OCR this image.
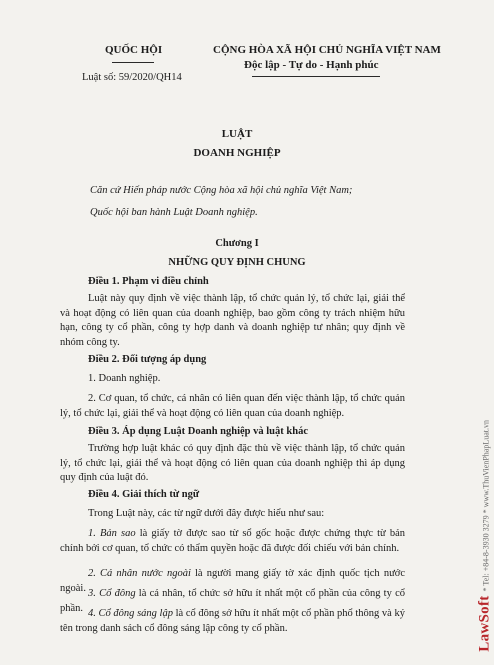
QUỐC HỘI
Luật số: 59/2020/QH14
CỘNG HÒA XÃ HỘI CHỦ NGHĨA VIỆT NAM
Độc lập - Tự do - Hạnh phúc
LUẬT
DOANH NGHIỆP
Căn cứ Hiến pháp nước Cộng hòa xã hội chủ nghĩa Việt Nam;
Quốc hội ban hành Luật Doanh nghiệp.
Chương I
NHỮNG QUY ĐỊNH CHUNG
Điều 1. Phạm vi điều chỉnh
Luật này quy định về việc thành lập, tổ chức quản lý, tổ chức lại, giải thể và hoạt động có liên quan của doanh nghiệp, bao gồm công ty trách nhiệm hữu hạn, công ty cổ phần, công ty hợp danh và doanh nghiệp tư nhân; quy định về nhóm công ty.
Điều 2. Đối tượng áp dụng
1. Doanh nghiệp.
2. Cơ quan, tổ chức, cá nhân có liên quan đến việc thành lập, tổ chức quản lý, tổ chức lại, giải thể và hoạt động có liên quan của doanh nghiệp.
Điều 3. Áp dụng Luật Doanh nghiệp và luật khác
Trường hợp luật khác có quy định đặc thù về việc thành lập, tổ chức quản lý, tổ chức lại, giải thể và hoạt động có liên quan của doanh nghiệp thì áp dụng quy định của luật đó.
Điều 4. Giải thích từ ngữ
Trong Luật này, các từ ngữ dưới đây được hiểu như sau:
1. Bản sao là giấy tờ được sao từ sổ gốc hoặc được chứng thực từ bản chính bởi cơ quan, tổ chức có thẩm quyền hoặc đã được đối chiếu với bản chính.
2. Cá nhân nước ngoài là người mang giấy tờ xác định quốc tịch nước ngoài. 3. Cổ đông là cá nhân, tổ chức sở hữu ít nhất một cổ phần của công ty cổ phần. 4. Cổ đông sáng lập là cổ đông sở hữu ít nhất một cổ phần phổ thông và ký tên trong danh sách cổ đông sáng lập công ty cổ phần.	LawSoft* Tel: +84-8-3930 3279 * www.ThuVienPhapLuat.vn
